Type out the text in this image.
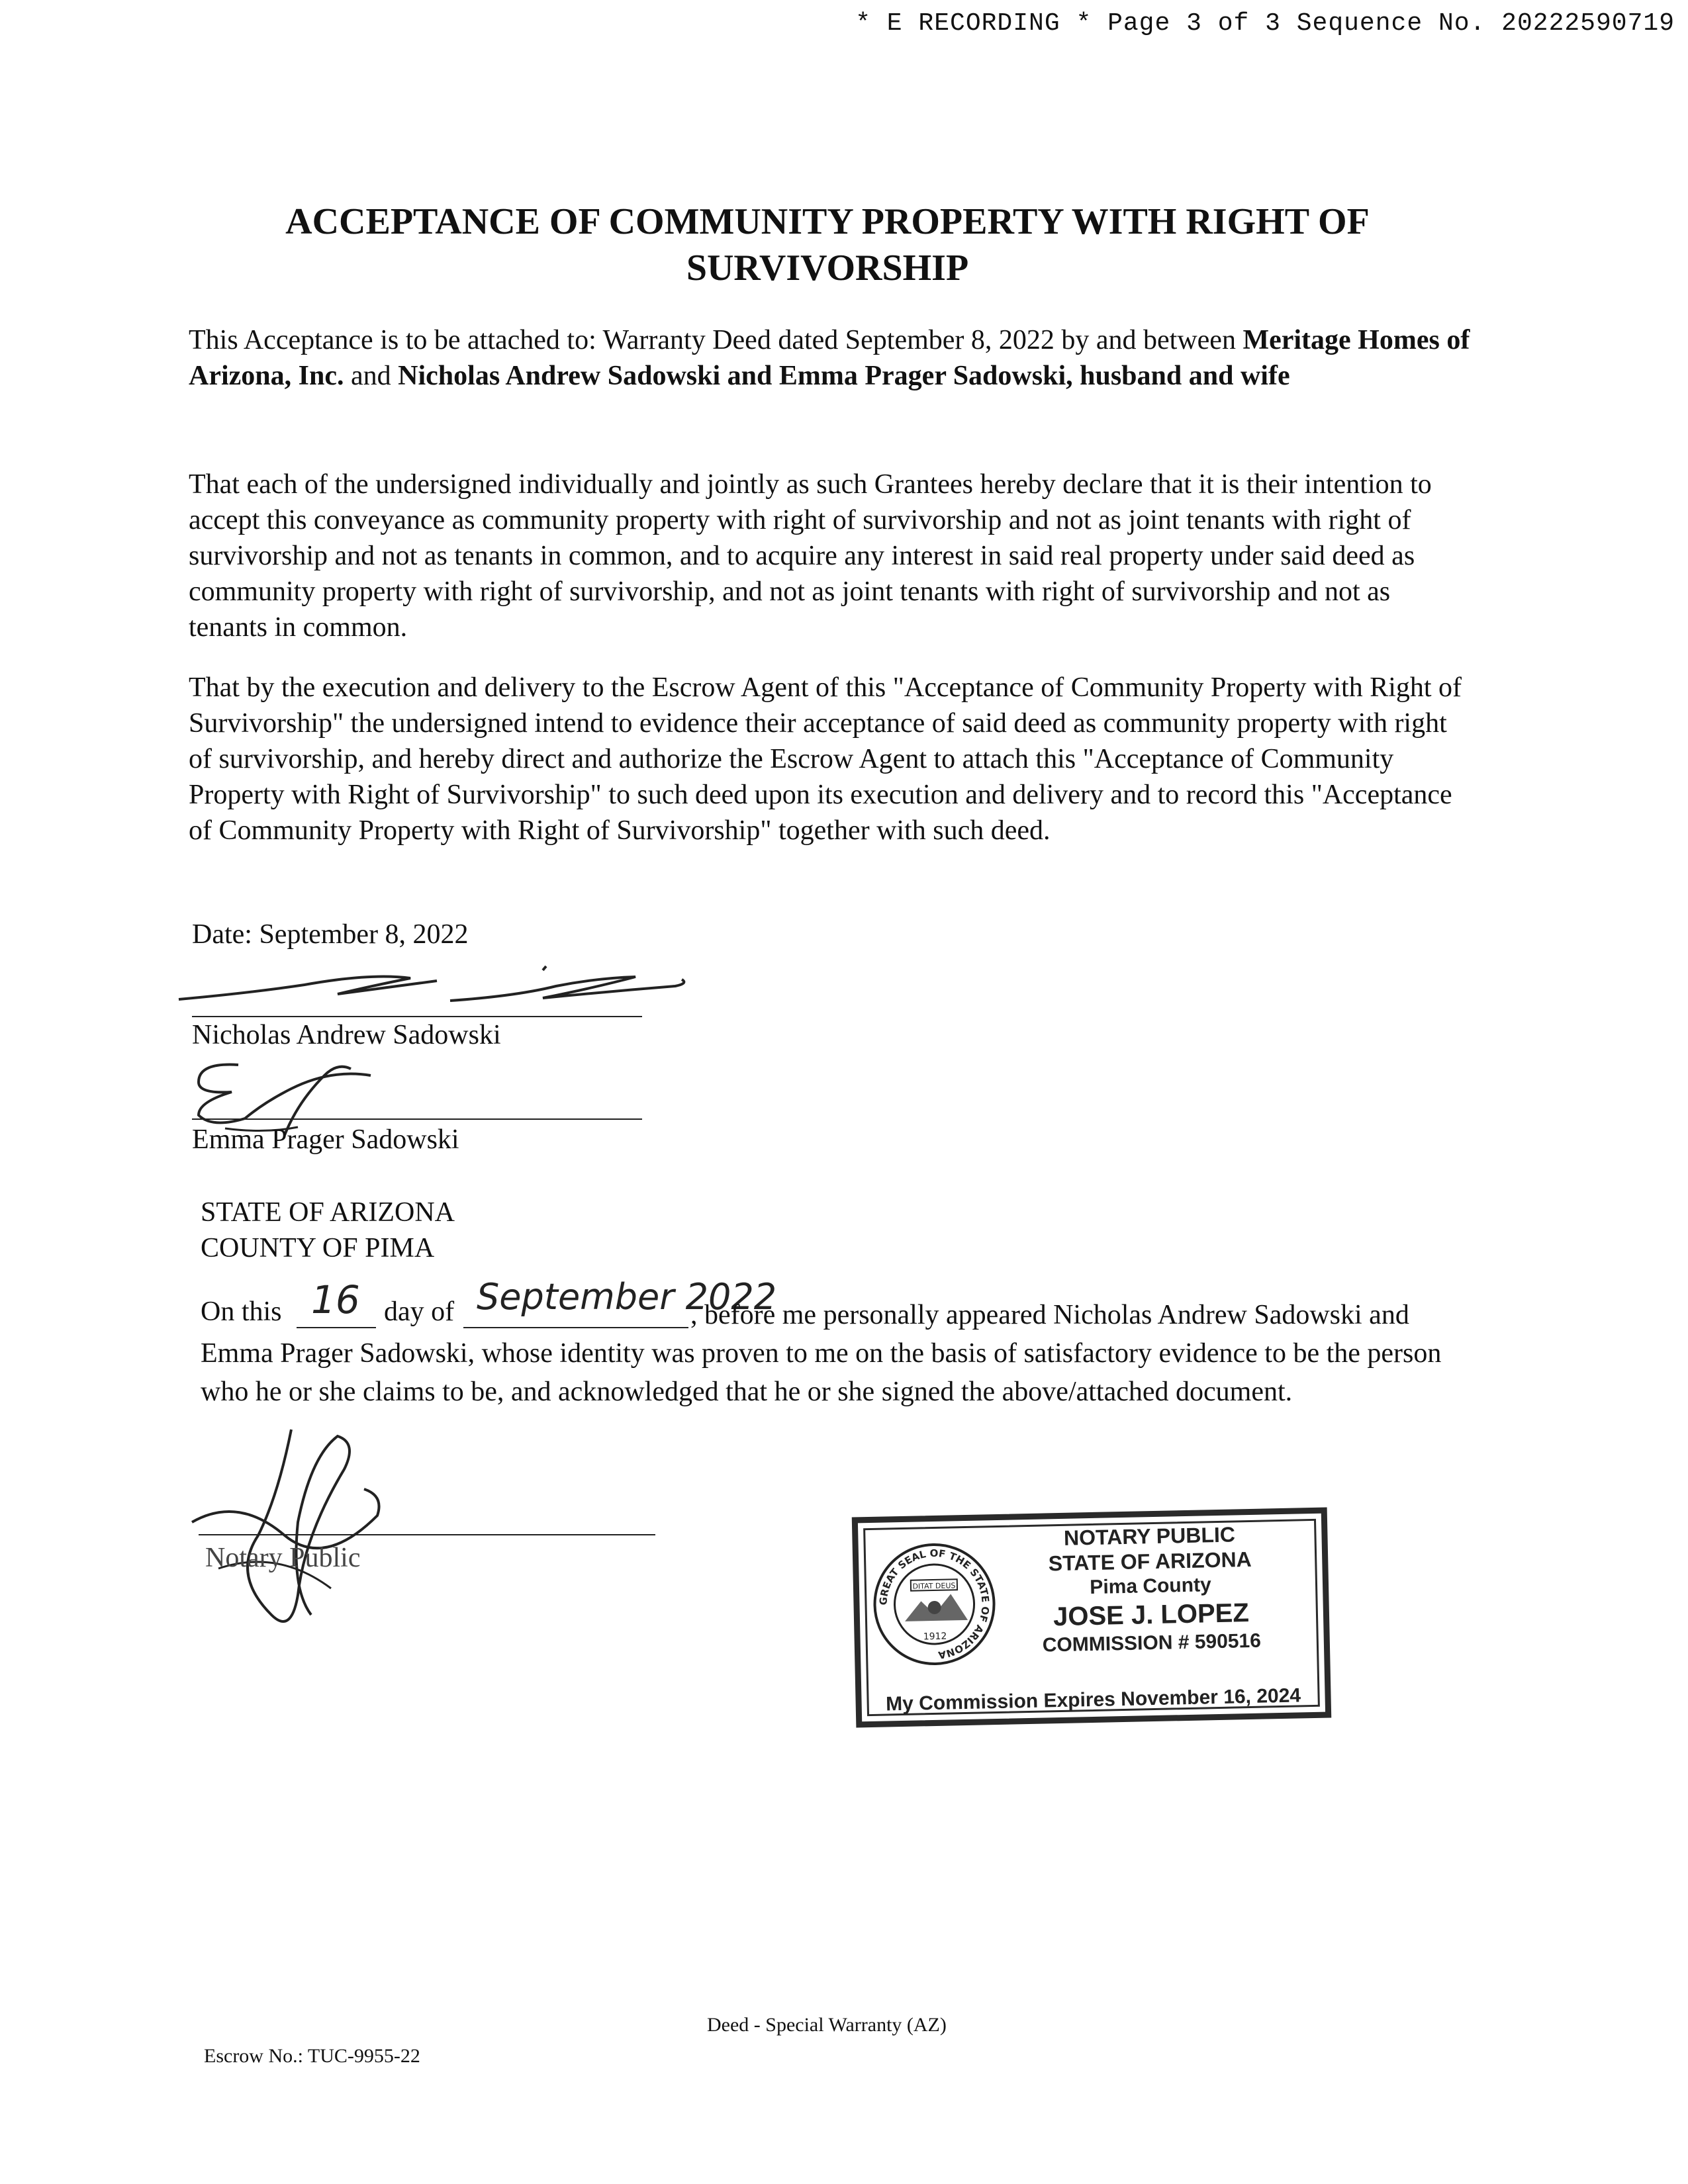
* E RECORDING * Page 3 of 3 Sequence No. 20222590719
ACCEPTANCE OF COMMUNITY PROPERTY WITH RIGHT OF SURVIVORSHIP
This Acceptance is to be attached to: Warranty Deed dated September 8, 2022 by and between Meritage Homes of Arizona, Inc. and Nicholas Andrew Sadowski and Emma Prager Sadowski, husband and wife
That each of the undersigned individually and jointly as such Grantees hereby declare that it is their intention to accept this conveyance as community property with right of survivorship and not as joint tenants with right of survivorship and not as tenants in common, and to acquire any interest in said real property under said deed as community property with right of survivorship, and not as joint tenants with right of survivorship and not as tenants in common.
That by the execution and delivery to the Escrow Agent of this "Acceptance of Community Property with Right of Survivorship" the undersigned intend to evidence their acceptance of said deed as community property with right of survivorship, and hereby direct and authorize the Escrow Agent to attach this "Acceptance of Community Property with Right of Survivorship" to such deed upon its execution and delivery and to record this "Acceptance of Community Property with Right of Survivorship" together with such deed.
Date: September 8, 2022
Nicholas Andrew Sadowski
Emma Prager Sadowski
STATE OF ARIZONA
COUNTY OF PIMA
On this 16 day of September 2022
, before me personally appeared Nicholas Andrew Sadowski and Emma Prager Sadowski, whose identity was proven to me on the basis of satisfactory evidence to be the person who he or she claims to be, and acknowledged that he or she signed the above/attached document.
Notary Public
GREAT SEAL OF THE STATE OF ARIZONA
DITAT DEUS
1912
NOTARY PUBLIC
STATE OF ARIZONA
Pima County
JOSE J. LOPEZ
COMMISSION # 590516
My Commission Expires November 16, 2024
Deed - Special Warranty (AZ)
Escrow No.: TUC-9955-22
